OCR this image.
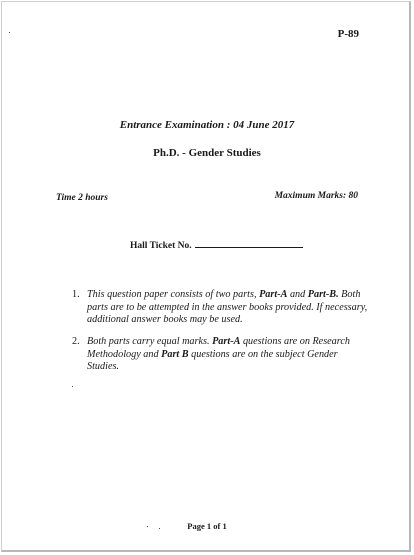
P-89
Entrance Examination : 04 June 2017
Ph.D. - Gender Studies
Time 2 hours	Maximum Marks: 80
Hall Ticket No.
1. This question paper consists of two parts, Part-A and Part-B. Both parts are to be attempted in the answer books provided. If necessary, additional answer books may be used.
2. Both parts carry equal marks. Part-A questions are on Research Methodology and Part B questions are on the subject Gender Studies.
Page 1 of 1
